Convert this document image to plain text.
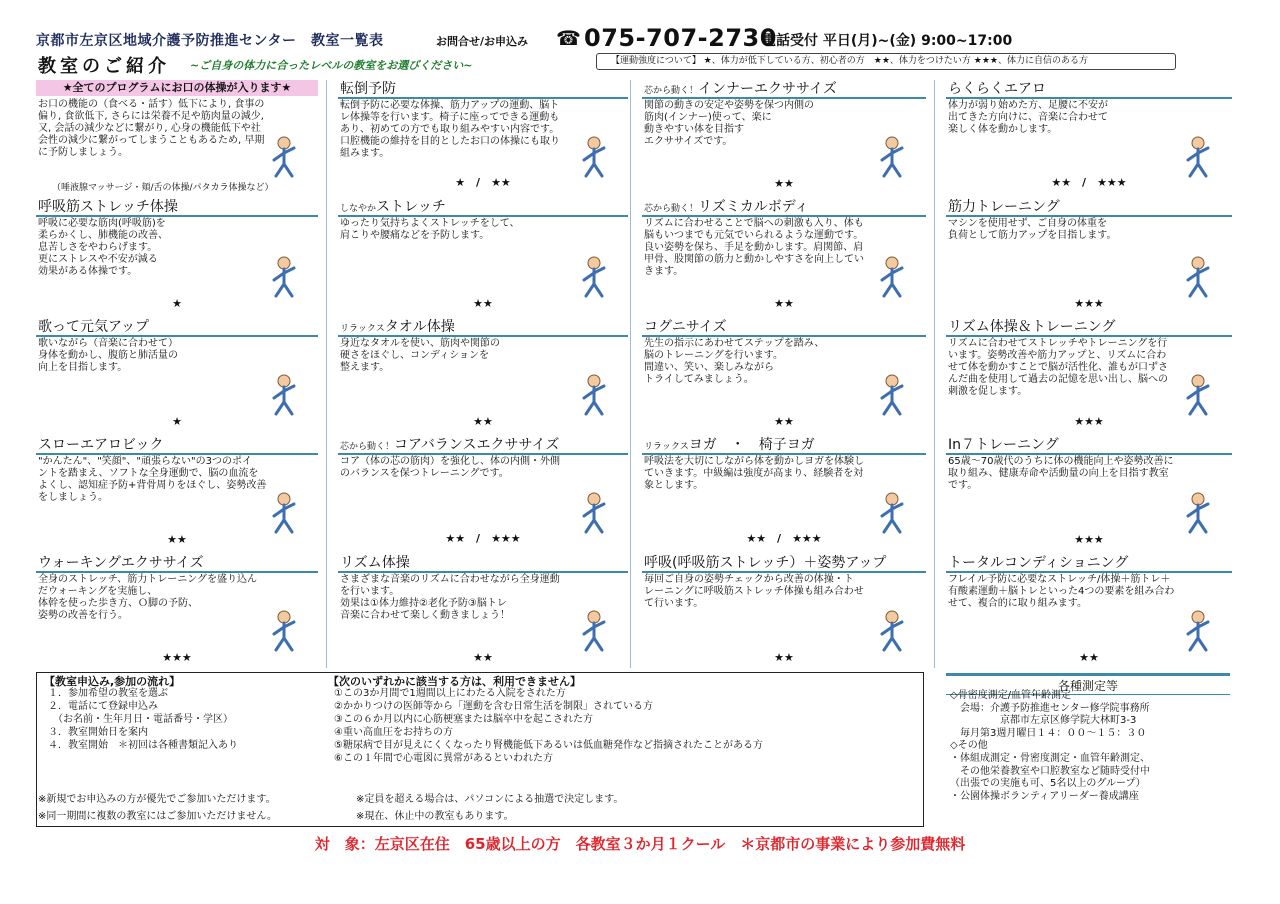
京都市左京区地域介護予防推進センター　教室一覧表	お問合せ/お申込み ☎ 075-707-2730
電話受付 平日(月)~(金) 9:00~17:00
教室のご紹介 ~ご自身の体力に合ったレベルの教室をお選びください~	【運動強度について】 ★、体力が低下している方、初心者の方　★★、体力をつけたい方 ★★★、体力に自信のある方
お口の機能の（食べる・話す）低下により, 食事の
偏り, 食欲低下, さらには栄養不足や筋肉量の減少,
又, 会話の減少などに繋がり, 心身の機能低下や社
会性の減少に繋がってしまうこともあるため, 早期
に予防しましょう。
（唾液腺マッサージ・頬/舌の体操/パタカラ体操など）
転倒予防
転倒予防に必要な体操、筋力アップの運動、脳ト
レ体操等を行います。椅子に座ってできる運動も
あり、初めての方でも取り組みやすい内容です。
口腔機能の維持を目的としたお口の体操にも取り
組みます。
★　/　★★
芯から動く！インナーエクササイズ
関節の動きの安定や姿勢を保つ内側の
筋肉(インナー)使って、楽に
動きやすい体を目指す
エクササイズです。
★★
らくらくエアロ
体力が弱り始めた方、足腰に不安が
出てきた方向けに、音楽に合わせて
楽しく体を動かします。
★★　/　★★★
呼吸筋ストレッチ体操
呼吸に必要な筋肉(呼吸筋)を
柔らかくし、肺機能の改善、
息苦しさをやわらげます。
更にストレスや不安が減る
効果がある体操です。
★
しなやかストレッチ
ゆったり気持ちよくストレッチをして、
肩こりや腰痛などを予防します。
★★
芯から動く！リズミカルボディ
リズムに合わせることで脳への刺激も入り、体も
脳もいつまでも元気でいられるような運動です。
良い姿勢を保ち、手足を動かします。肩関節、肩
甲骨、股関節の筋力と動かしやすさを向上してい
きます。
★★
筋力トレーニング
マシンを使用せず、ご自身の体重を
負荷として筋力アップを目指します。
★★★
歌って元気アップ
歌いながら（音楽に合わせて）
身体を動かし、腹筋と肺活量の
向上を目指します。
★
リラックスタオル体操
身近なタオルを使い、筋肉や関節の
硬さをほぐし、コンディションを
整えます。
★★
コグニサイズ
先生の指示にあわせてステップを踏み、
脳のトレーニングを行います。
間違い、笑い、楽しみながら
トライしてみましょう。
★★
リズム体操＆トレーニング
リズムに合わせてストレッチやトレーニングを行
います。姿勢改善や筋力アップと、リズムに合わ
せて体を動かすことで脳が活性化、誰もが口ずさ
んだ曲を使用して過去の記憶を思い出し、脳への
刺激を促します。
★★★
スローエアロビック
"かんたん"、"笑顔"、"頑張らない"の3つのポイ
ントを踏まえ、ソフトな全身運動で、脳の血流を
よくし、認知症予防+背骨周りをほぐし、姿勢改善
をしましょう。
★★
芯から動く！コアバランスエクササイズ
コア（体の芯の筋肉）を強化し、体の内側・外側
のバランスを保つトレーニングです。
★★　/　★★★
リラックスヨガ　・　椅子ヨガ
呼吸法を大切にしながら体を動かしヨガを体験し
ていきます。中級編は強度が高まり、経験者を対
象とします。
★★　/　★★★
In７トレーニング
65歳～70歳代のうちに体の機能向上や姿勢改善に
取り組み、健康寿命や活動量の向上を目指す教室
です。
★★★
ウォーキングエクササイズ
全身のストレッチ、筋力トレーニングを盛り込ん
だウォーキングを実施し、
体幹を使った歩き方、Ｏ脚の予防、
姿勢の改善を行う。
★★★
リズム体操
さまざまな音楽のリズムに合わせながら全身運動
を行います。
効果は①体力維持②老化予防③脳トレ
音楽に合わせて楽しく動きましょう！
★★
呼吸(呼吸筋ストレッチ）＋姿勢アップ
毎回ご自身の姿勢チェックから改善の体操・ト
レーニングに呼吸筋ストレッチ体操も組み合わせ
て行います。
★★
トータルコンディショニング
フレイル予防に必要なストレッチ/体操＋筋トレ＋
有酸素運動＋脳トレといった4つの要素を組み合わ
せて、複合的に取り組みます。
★★
【教室申込み,参加の流れ】
１．参加希望の教室を選ぶ
２．電話にて登録申込み
　（お名前・生年月日・電話番号・学区）
３．教室開始日を案内
４．教室開始　＊初回は各種書類記入あり
【次のいずれかに該当する方は、利用できません】
①この3か月間で1週間以上にわたる入院をされた方
②かかりつけの医師等から「運動を含む日常生活を制限」されている方
③この６か月以内に心筋梗塞または脳卒中を起こされた方
④重い高血圧をお持ちの方
⑤糖尿病で目が見えにくくなったり腎機能低下あるいは低血糖発作など指摘されたことがある方
⑥この１年間で心電図に異常があるといわれた方
※新規でお申込みの方が優先でご参加いただけます。	※定員を超える場合は、パソコンによる抽選で決定します。
※同一期間に複数の教室にはご参加いただけません。	※現在、休止中の教室もあります。
各種測定等
◇骨密度測定/血管年齢測定
　会場：介護予防推進センター修学院事務所
　　　　　京都市左京区修学院大林町3-3
　毎月第3週月曜日１４：００～１５：３０
◇その他
・体組成測定・骨密度測定・血管年齢測定、
　その他栄養教室や口腔教室など随時受付中
（出張での実施も可、5名以上のグループ）
・公園体操ボランティアリーダー養成講座
対　象：左京区在住　65歳以上の方　各教室３か月１クール　＊京都市の事業により参加費無料
★全てのプログラムにお口の体操が入ります★
